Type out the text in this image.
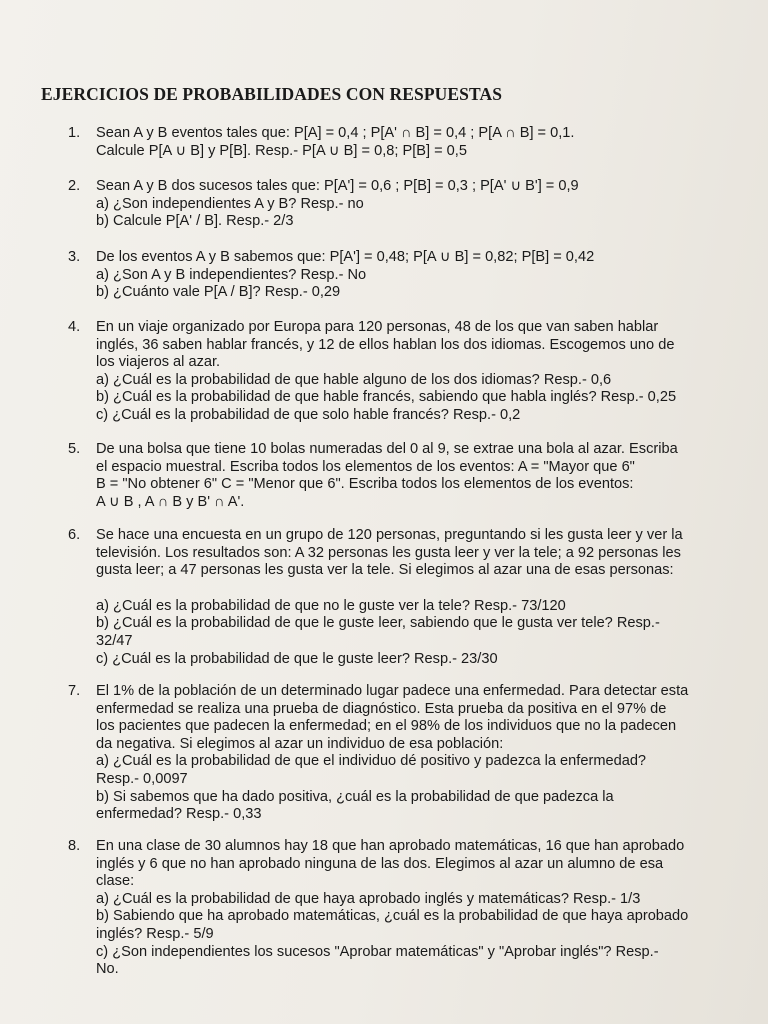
EJERCICIOS DE PROBABILIDADES CON RESPUESTAS
1. Sean A y B eventos tales que: P[A] = 0,4 ; P[A' ∩ B] = 0,4 ; P[A ∩ B] = 0,1.
Calcule P[A ∪ B] y P[B]. Resp.- P[A ∪ B] = 0,8; P[B] = 0,5
2. Sean A y B dos sucesos tales que: P[A'] = 0,6 ; P[B] = 0,3 ; P[A' ∪ B'] = 0,9
a) ¿Son independientes A y B? Resp.- no
b) Calcule P[A' / B]. Resp.- 2/3
3. De los eventos A y B sabemos que: P[A'] = 0,48; P[A ∪ B] = 0,82; P[B] = 0,42
a) ¿Son A y B independientes? Resp.- No
b) ¿Cuánto vale P[A / B]? Resp.- 0,29
4. En un viaje organizado por Europa para 120 personas, 48 de los que van saben hablar
inglés, 36 saben hablar francés, y 12 de ellos hablan los dos idiomas. Escogemos uno de
los viajeros al azar.
a) ¿Cuál es la probabilidad de que hable alguno de los dos idiomas? Resp.- 0,6
b) ¿Cuál es la probabilidad de que hable francés, sabiendo que habla inglés? Resp.- 0,25
c) ¿Cuál es la probabilidad de que solo hable francés? Resp.- 0,2
5. De una bolsa que tiene 10 bolas numeradas del 0 al 9, se extrae una bola al azar. Escriba
el espacio muestral. Escriba todos los elementos de los eventos: A = "Mayor que 6"
B = "No obtener 6" C = "Menor que 6". Escriba todos los elementos de los eventos:
A ∪ B , A ∩ B y B' ∩ A'.
6. Se hace una encuesta en un grupo de 120 personas, preguntando si les gusta leer y ver la
televisión. Los resultados son: A 32 personas les gusta leer y ver la tele; a 92 personas les
gusta leer; a 47 personas les gusta ver la tele. Si elegimos al azar una de esas personas:
a) ¿Cuál es la probabilidad de que no le guste ver la tele? Resp.- 73/120
b) ¿Cuál es la probabilidad de que le guste leer, sabiendo que le gusta ver tele? Resp.-
32/47
c) ¿Cuál es la probabilidad de que le guste leer? Resp.- 23/30
7. El 1% de la población de un determinado lugar padece una enfermedad. Para detectar esta
enfermedad se realiza una prueba de diagnóstico. Esta prueba da positiva en el 97% de
los pacientes que padecen la enfermedad; en el 98% de los individuos que no la padecen
da negativa. Si elegimos al azar un individuo de esa población:
a) ¿Cuál es la probabilidad de que el individuo dé positivo y padezca la enfermedad?
Resp.- 0,0097
b) Si sabemos que ha dado positiva, ¿cuál es la probabilidad de que padezca la
enfermedad? Resp.- 0,33
8. En una clase de 30 alumnos hay 18 que han aprobado matemáticas, 16 que han aprobado
inglés y 6 que no han aprobado ninguna de las dos. Elegimos al azar un alumno de esa
clase:
a) ¿Cuál es la probabilidad de que haya aprobado inglés y matemáticas? Resp.- 1/3
b) Sabiendo que ha aprobado matemáticas, ¿cuál es la probabilidad de que haya aprobado
inglés? Resp.- 5/9
c) ¿Son independientes los sucesos "Aprobar matemáticas" y "Aprobar inglés"? Resp.-
No.
